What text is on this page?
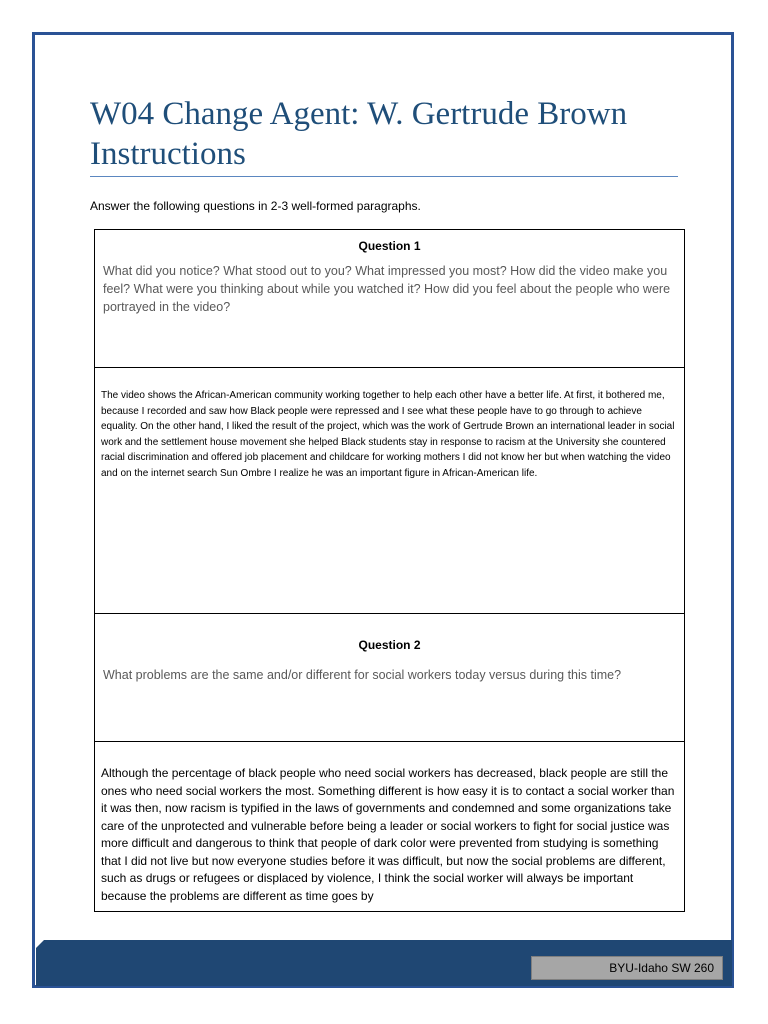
W04 Change Agent: W. Gertrude Brown
Instructions

Answer the following questions in 2-3 well-formed paragraphs.

Question 1

What did you notice? What stood out to you? What impressed you most? How did the video make you feel? What were you thinking about while you watched it? How did you feel about the people who were portrayed in the video?

The video shows the African-American community working together to help each other have a better life. At first, it bothered me, because I recorded and saw how Black people were repressed and I see what these people have to go through to achieve equality. On the other hand, I liked the result of the project, which was the work of Gertrude Brown an international leader in social work and the settlement house movement she helped Black students stay in response to racism at the University she countered racial discrimination and offered job placement and childcare for working mothers I did not know her but when watching the video and on the internet search Sun Ombre I realize he was an important figure in African-American life.

Question 2

What problems are the same and/or different for social workers today versus during this time?

Although the percentage of black people who need social workers has decreased, black people are still the ones who need social workers the most. Something different is how easy it is to contact a social worker than it was then, now racism is typified in the laws of governments and condemned and some organizations take care of the unprotected and vulnerable before being a leader or social workers to fight for social justice was more difficult and dangerous to think that people of dark color were prevented from studying is something that I did not live but now everyone studies before it was difficult, but now the social problems are different, such as drugs or refugees or displaced by violence, I think the social worker will always be important because the problems are different as time goes by

BYU-Idaho SW 260
